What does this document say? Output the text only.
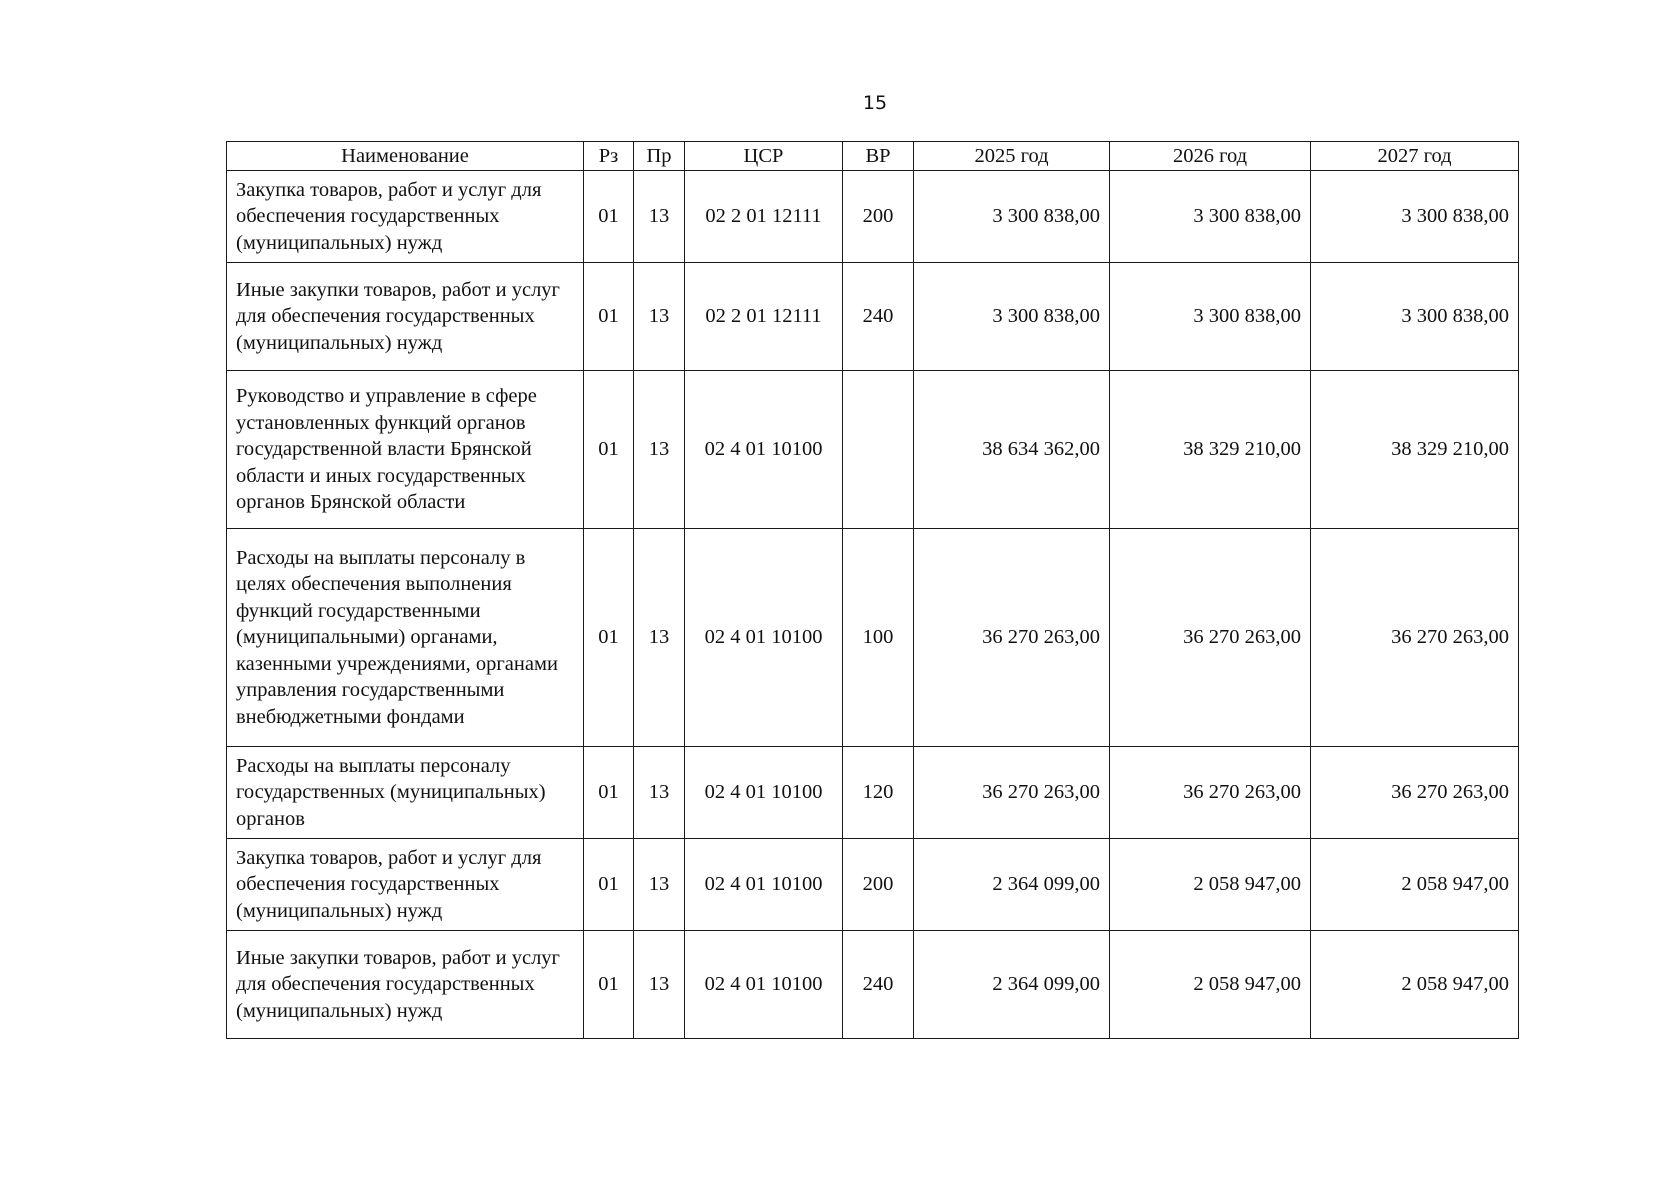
15
Наименование	Рз	Пр	ЦСР	ВР	2025 год	2026 год	2027 год
Закупка товаров, работ и услуг для обеспечения государственных (муниципальных) нужд	01	13	02 2 01 12111	200	3 300 838,00	3 300 838,00	3 300 838,00
Иные закупки товаров, работ и услуг для обеспечения государственных (муниципальных) нужд	01	13	02 2 01 12111	240	3 300 838,00	3 300 838,00	3 300 838,00
Руководство и управление в сфере установленных функций органов государственной власти Брянской области и иных государственных органов Брянской области	01	13	02 4 01 10100		38 634 362,00	38 329 210,00	38 329 210,00
Расходы на выплаты персоналу в целях обеспечения выполнения функций государственными (муниципальными) органами, казенными учреждениями, органами управления государственными внебюджетными фондами	01	13	02 4 01 10100	100	36 270 263,00	36 270 263,00	36 270 263,00
Расходы на выплаты персоналу государственных (муниципальных) органов	01	13	02 4 01 10100	120	36 270 263,00	36 270 263,00	36 270 263,00
Закупка товаров, работ и услуг для обеспечения государственных (муниципальных) нужд	01	13	02 4 01 10100	200	2 364 099,00	2 058 947,00	2 058 947,00
Иные закупки товаров, работ и услуг для обеспечения государственных (муниципальных) нужд	01	13	02 4 01 10100	240	2 364 099,00	2 058 947,00	2 058 947,00
